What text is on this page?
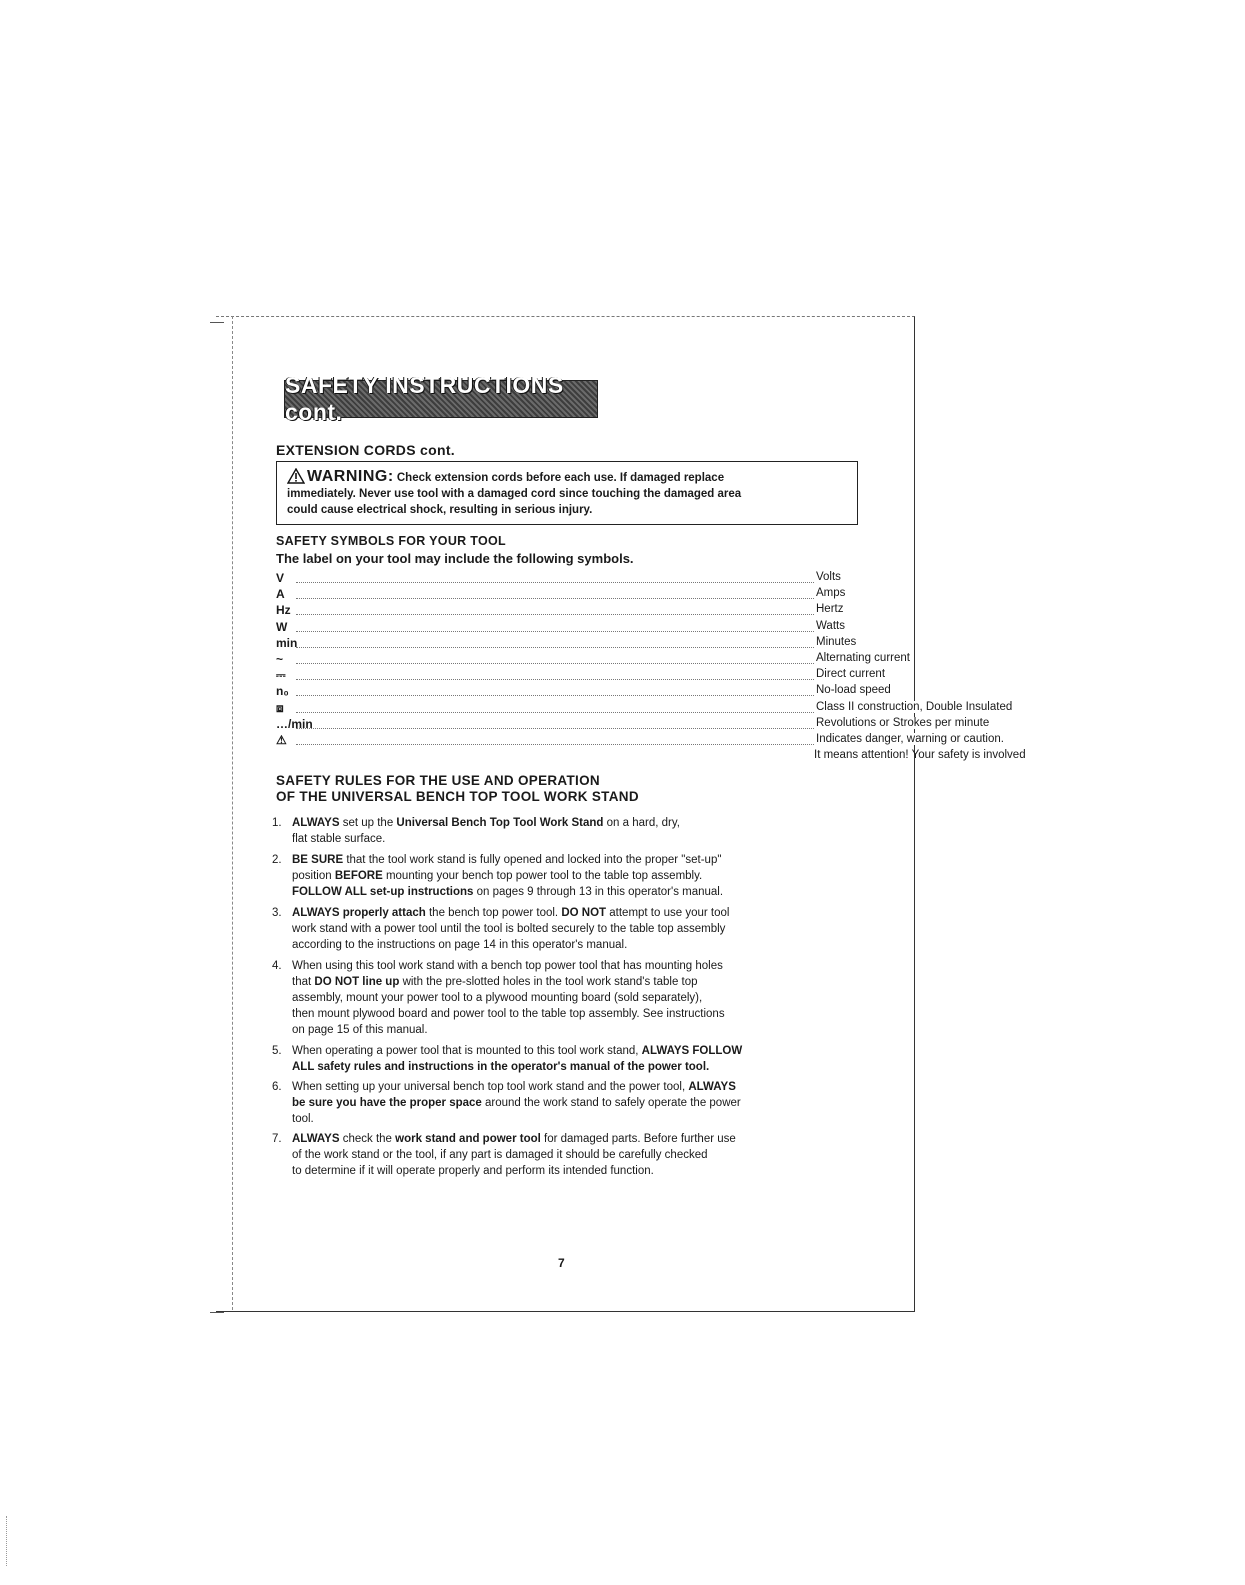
SAFETY INSTRUCTIONS cont.
EXTENSION CORDS cont.
WARNING: Check extension cords before each use. If damaged replace
immediately. Never use tool with a damaged cord since touching the damaged area
could cause electrical shock, resulting in serious injury.
SAFETY SYMBOLS FOR YOUR TOOL
The label on your tool may include the following symbols.
V	Volts
A	Amps
Hz	Hertz
W	Watts
min	Minutes
~	Alternating current
⎓	Direct current
n₀	No-load speed
⧈	Class II construction, Double Insulated
…/min	Revolutions or Strokes per minute
⚠	Indicates danger, warning or caution.
It means attention! Your safety is involved
SAFETY RULES FOR THE USE AND OPERATION
OF THE UNIVERSAL BENCH TOP TOOL WORK STAND
1. ALWAYS set up the Universal Bench Top Tool Work Stand on a hard, dry,
flat stable surface.
2. BE SURE that the tool work stand is fully opened and locked into the proper "set-up"
position BEFORE mounting your bench top power tool to the table top assembly.
FOLLOW ALL set-up instructions on pages 9 through 13 in this operator's manual.
3. ALWAYS properly attach the bench top power tool. DO NOT attempt to use your tool
work stand with a power tool until the tool is bolted securely to the table top assembly
according to the instructions on page 14 in this operator's manual.
4. When using this tool work stand with a bench top power tool that has mounting holes
that DO NOT line up with the pre-slotted holes in the tool work stand's table top
assembly, mount your power tool to a plywood mounting board (sold separately),
then mount plywood board and power tool to the table top assembly. See instructions
on page 15 of this manual.
5. When operating a power tool that is mounted to this tool work stand, ALWAYS FOLLOW
ALL safety rules and instructions in the operator's manual of the power tool.
6. When setting up your universal bench top tool work stand and the power tool, ALWAYS
be sure you have the proper space around the work stand to safely operate the power
tool.
7. ALWAYS check the work stand and power tool for damaged parts. Before further use
of the work stand or the tool, if any part is damaged it should be carefully checked
to determine if it will operate properly and perform its intended function.
7
